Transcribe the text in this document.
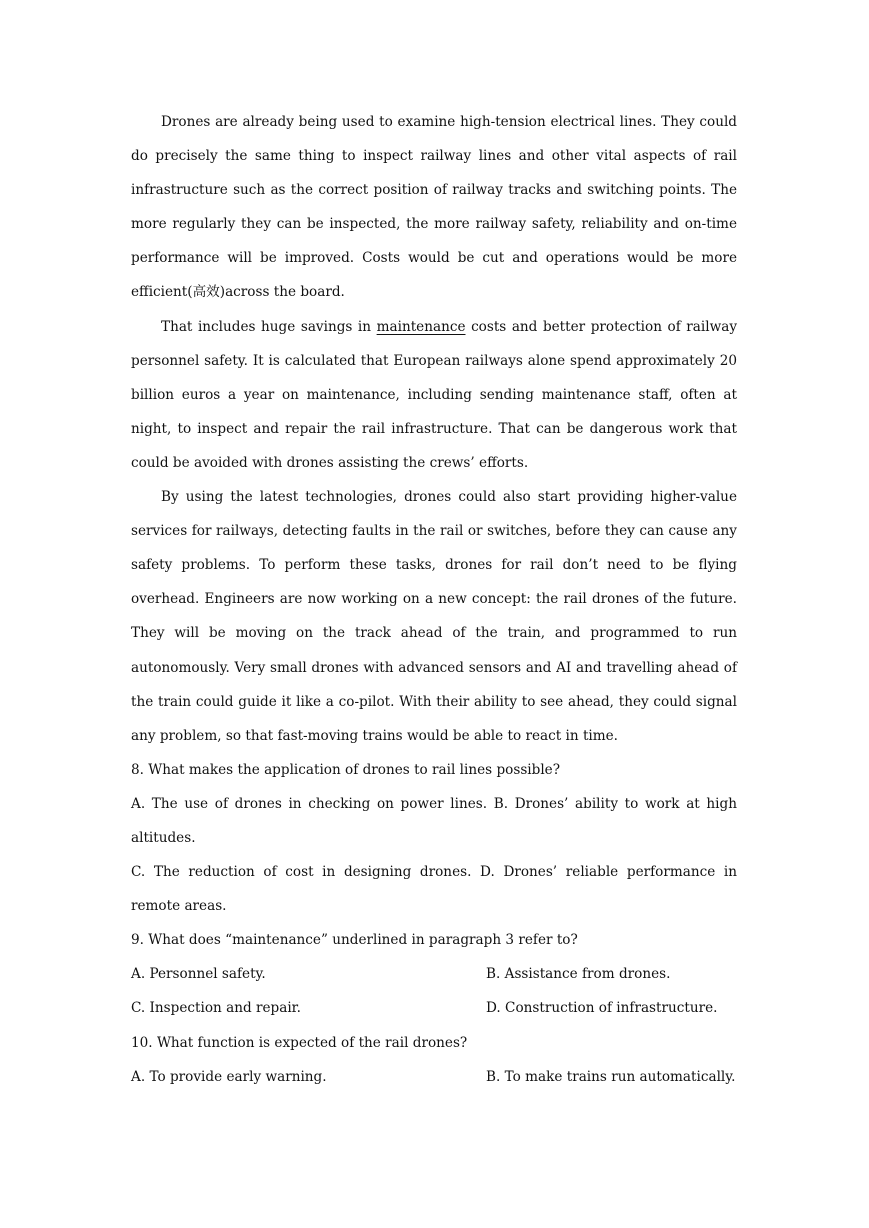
Drones are already being used to examine high-tension electrical lines. They could do precisely the same thing to inspect railway lines and other vital aspects of rail infrastructure such as the correct position of railway tracks and switching points. The more regularly they can be inspected, the more railway safety, reliability and on-time performance will be improved. Costs would be cut and operations would be more efficient(高效)across the board.

That includes huge savings in maintenance costs and better protection of railway personnel safety. It is calculated that European railways alone spend approximately 20 billion euros a year on maintenance, including sending maintenance staff, often at night, to inspect and repair the rail infrastructure. That can be dangerous work that could be avoided with drones assisting the crews’ efforts.

By using the latest technologies, drones could also start providing higher-value services for railways, detecting faults in the rail or switches, before they can cause any safety problems. To perform these tasks, drones for rail don’t need to be flying overhead. Engineers are now working on a new concept: the rail drones of the future. They will be moving on the track ahead of the train, and programmed to run autonomously. Very small drones with advanced sensors and AI and travelling ahead of the train could guide it like a co-pilot. With their ability to see ahead, they could signal any problem, so that fast-moving trains would be able to react in time.

8. What makes the application of drones to rail lines possible?

A. The use of drones in checking on power lines. B. Drones’ ability to work at high altitudes.

C. The reduction of cost in designing drones. D. Drones’ reliable performance in remote areas.

9. What does “maintenance” underlined in paragraph 3 refer to?

A. Personnel safety.	B. Assistance from drones.
C. Inspection and repair.	D. Construction of infrastructure.

10. What function is expected of the rail drones?

A. To provide early warning.	B. To make trains run automatically.
